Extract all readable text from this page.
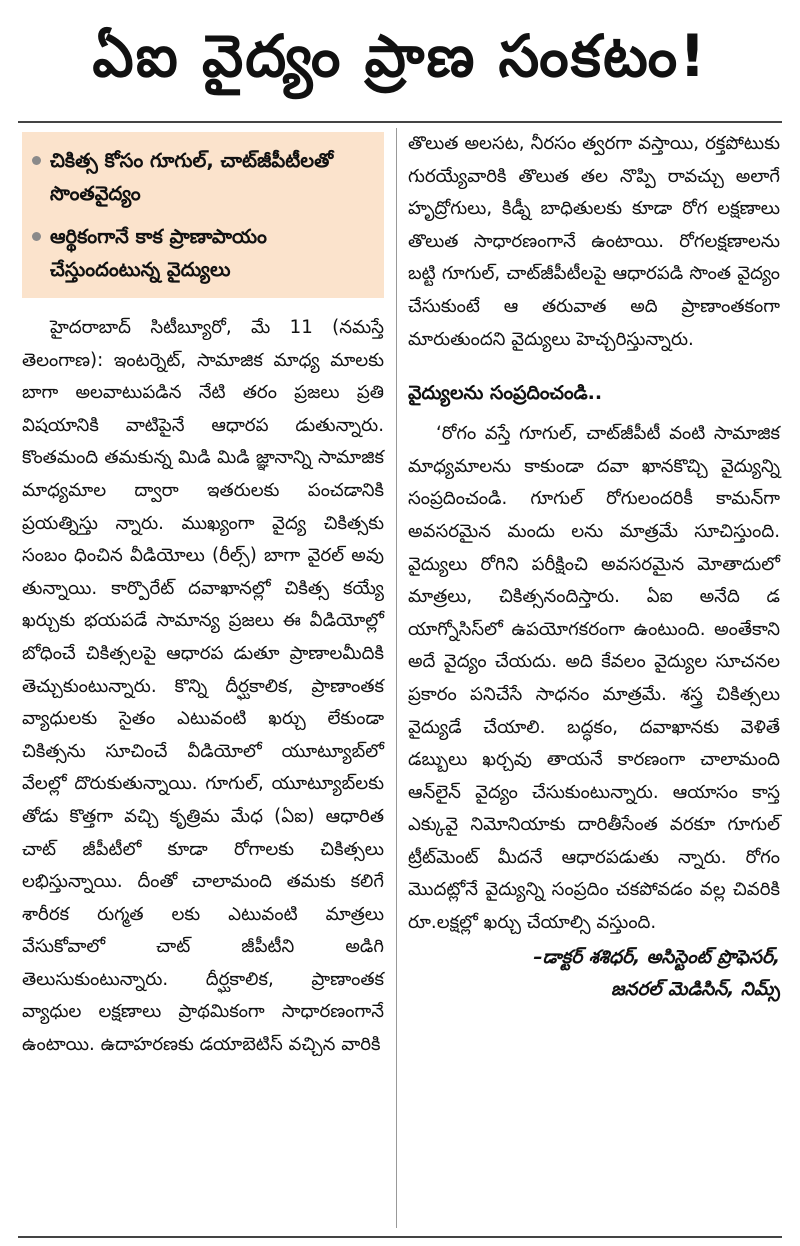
ఏఐ వైద్యం ప్రాణ సంకటం!
చికిత్స కోసం గూగుల్, చాట్‌జీపీటీలతో సొంతవైద్యం
ఆర్థికంగానే కాక ప్రాణాపాయం చేస్తుందంటున్న వైద్యులు

హైదరాబాద్ సిటీబ్యూరో, మే 11 (నమస్తే తెలంగాణ): ఇంటర్నెట్, సామాజిక మాధ్య మాలకు బాగా అలవాటుపడిన నేటి తరం ప్రజలు ప్రతి విషయానికి వాటిపైనే ఆధారప డుతున్నారు. కొంతమంది తమకున్న మిడి మిడి జ్ఞానాన్ని సామాజిక మాధ్యమాల ద్వారా ఇతరులకు పంచడానికి ప్రయత్నిస్తు న్నారు. ముఖ్యంగా వైద్య చికిత్సకు సంబం ధించిన వీడియోలు (రీల్స్) బాగా వైరల్ అవు తున్నాయి. కార్పొరేట్ దవాఖానల్లో చికిత్స కయ్యే ఖర్చుకు భయపడే సామాన్య ప్రజలు ఈ వీడియోల్లో బోధించే చికిత్సలపై ఆధారప డుతూ ప్రాణాలమీదికి తెచ్చుకుంటున్నారు. కొన్ని దీర్ఘకాలిక, ప్రాణాంతక వ్యాధులకు సైతం ఎటువంటి ఖర్చు లేకుండా చికిత్సను సూచించే వీడియోలో యూట్యూబ్‌లో వేలల్లో దొరుకుతున్నాయి. గూగుల్, యూట్యూబ్‌లకు తోడు కొత్తగా వచ్చి కృత్రిమ మేధ (ఏఐ) ఆధారిత చాట్ జీపీటీలో కూడా రోగాలకు చికిత్సలు లభిస్తున్నాయి. దీంతో చాలామంది తమకు కలిగే శారీరక రుగ్మత లకు ఎటువంటి మాత్రలు వేసుకోవాలో చాట్ జీపీటీని అడిగి తెలుసుకుంటున్నారు. దీర్ఘకాలిక, ప్రాణాంతక వ్యాధుల లక్షణాలు ప్రాథమికంగా సాధారణంగానే ఉంటాయి. ఉదాహరణకు డయాబెటిస్ వచ్చిన వారికి

తొలుత అలసట, నీరసం త్వరగా వస్తాయి, రక్తపోటుకు గురయ్యేవారికి తొలుత తల నొప్పి రావచ్చు అలాగే హృద్రోగులు, కిడ్నీ బాధితులకు కూడా రోగ లక్షణాలు తొలుత సాధారణంగానే ఉంటాయి. రోగలక్షణాలను బట్టి గూగుల్, చాట్‌జీపీటీలపై ఆధారపడి సొంత వైద్యం చేసుకుంటే ఆ తరువాత అది ప్రాణాంతకంగా మారుతుందని వైద్యులు హెచ్చరిస్తున్నారు.

వైద్యులను సంప్రదించండి..

‘రోగం వస్తే గూగుల్, చాట్‌జీపీటీ వంటి సామాజిక మాధ్యమాలను కాకుండా దవా ఖానకొచ్చి వైద్యున్ని సంప్రదించండి. గూగుల్ రోగులందరికీ కామన్‌గా అవసరమైన మందు లను మాత్రమే సూచిస్తుంది. వైద్యులు రోగిని పరీక్షించి అవసరమైన మోతాదులో మాత్రలు, చికిత్సనందిస్తారు. ఏఐ అనేది డ యాగ్నోసిస్‌లో ఉపయోగకరంగా ఉంటుంది. అంతేకాని అదే వైద్యం చేయదు. అది కేవలం వైద్యుల సూచనల ప్రకారం పనిచేసే సాధనం మాత్రమే. శస్త్ర చికిత్సలు వైద్యుడే చేయాలి. బద్ధకం, దవాఖానకు వెళితే డబ్బులు ఖర్చవు తాయనే కారణంగా చాలామంది ఆన్‌లైన్ వైద్యం చేసుకుంటున్నారు. ఆయాసం కాస్త ఎక్కువై నిమోనియాకు దారితీసేంత వరకూ గూగుల్ ట్రీట్‌మెంట్ మీదనే ఆధారపడుతు న్నారు. రోగం మొదట్లోనే వైద్యున్ని సంప్రదిం చకపోవడం వల్ల చివరికి రూ.లక్షల్లో ఖర్చు చేయాల్సి వస్తుంది.

–డాక్టర్ శశిధర్, అసిస్టెంట్ ప్రొఫెసర్,
జనరల్ మెడిసిన్, నిమ్స్
